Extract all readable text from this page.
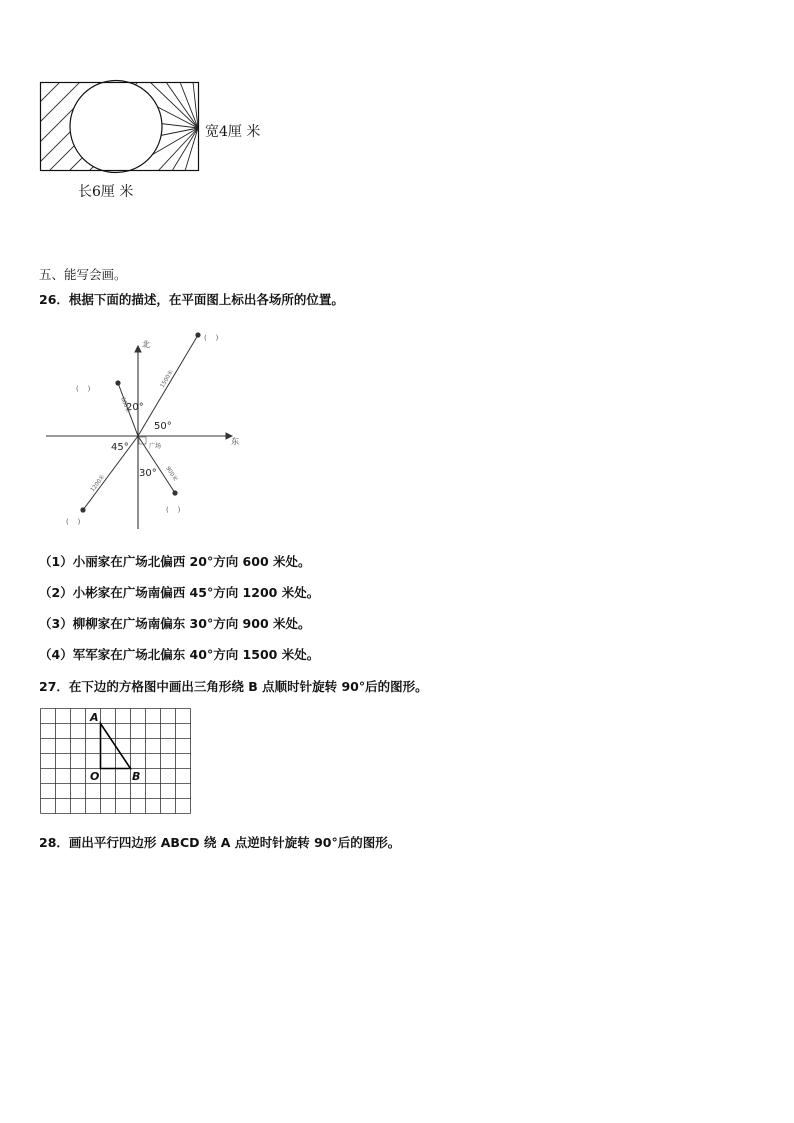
宽4厘 米
长6厘 米
五、能写会画。
26．根据下面的描述，在平面图上标出各场所的位置。
20°
50°
45°
30°
北
东
广场
1500米
600米
1200米	900米
(    )
(    )
(    )
(    )
（1）小丽家在广场北偏西 20°方向 600 米处。
（2）小彬家在广场南偏西 45°方向 1200 米处。
（3）柳柳家在广场南偏东 30°方向 900 米处。
（4）军军家在广场北偏东 40°方向 1500 米处。
27．在下边的方格图中画出三角形绕 B 点顺时针旋转 90°后的图形。
A
O	B
28．画出平行四边形 ABCD 绕 A 点逆时针旋转 90°后的图形。
